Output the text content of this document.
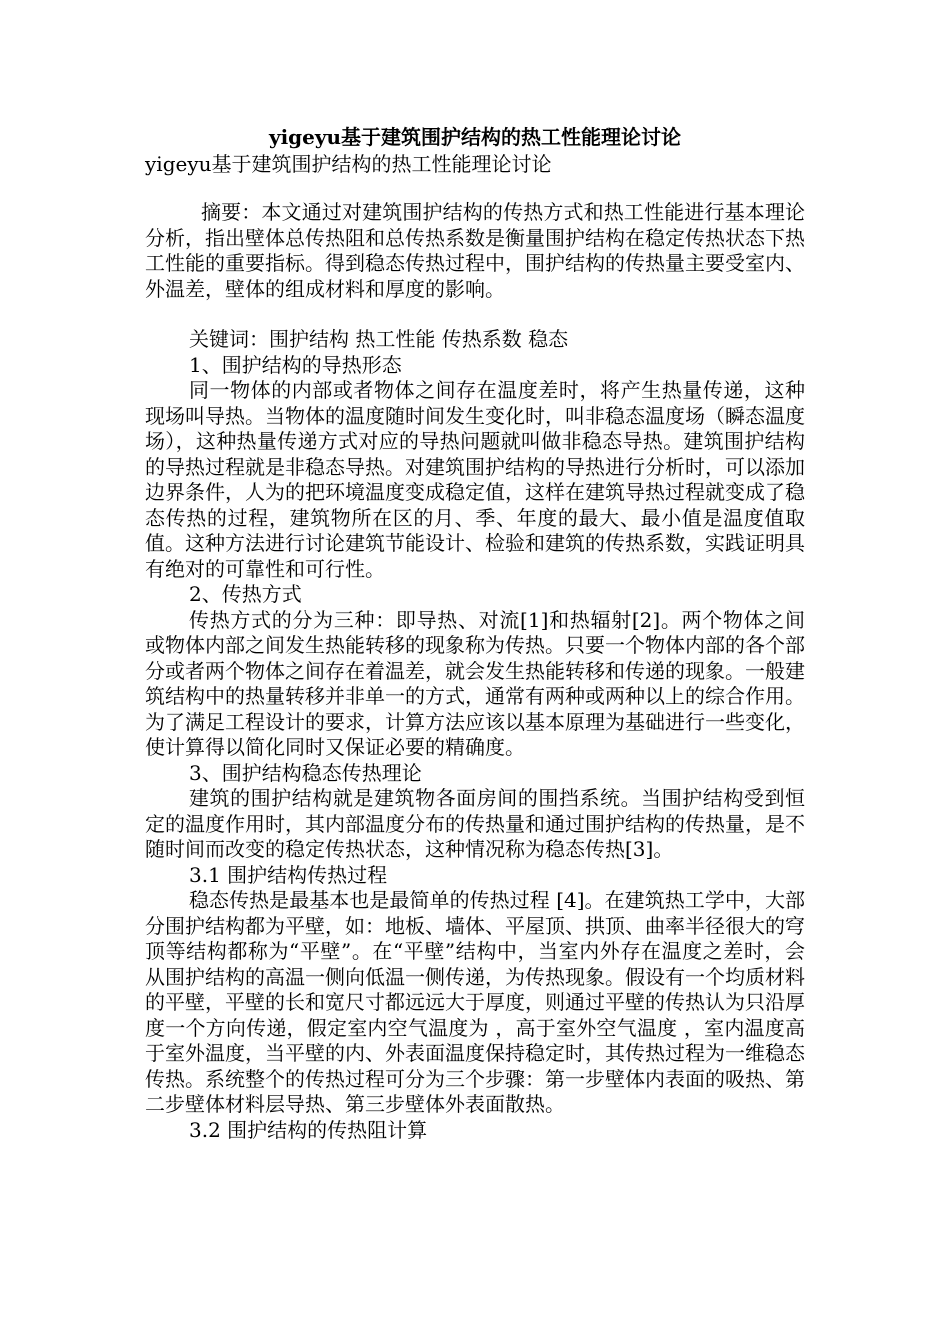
yigeyu基于建筑围护结构的热工性能理论讨论
yigeyu基于建筑围护结构的热工性能理论讨论

摘要：本文通过对建筑围护结构的传热方式和热工性能进行基本理论分析，指出壁体总传热阻和总传热系数是衡量围护结构在稳定传热状态下热工性能的重要指标。得到稳态传热过程中，围护结构的传热量主要受室内、外温差，壁体的组成材料和厚度的影响。

关键词：围护结构 热工性能 传热系数 稳态

1、围护结构的导热形态

同一物体的内部或者物体之间存在温度差时，将产生热量传递，这种现场叫导热。当物体的温度随时间发生变化时，叫非稳态温度场（瞬态温度场），这种热量传递方式对应的导热问题就叫做非稳态导热。建筑围护结构的导热过程就是非稳态导热。对建筑围护结构的导热进行分析时，可以添加边界条件，人为的把环境温度变成稳定值，这样在建筑导热过程就变成了稳态传热的过程，建筑物所在区的月、季、年度的最大、最小值是温度值取值。这种方法进行讨论建筑节能设计、检验和建筑的传热系数，实践证明具有绝对的可靠性和可行性。

2、传热方式

传热方式的分为三种：即导热、对流[1]和热辐射[2]。两个物体之间或物体内部之间发生热能转移的现象称为传热。只要一个物体内部的各个部分或者两个物体之间存在着温差，就会发生热能转移和传递的现象。一般建筑结构中的热量转移并非单一的方式，通常有两种或两种以上的综合作用。为了满足工程设计的要求，计算方法应该以基本原理为基础进行一些变化，使计算得以简化同时又保证必要的精确度。

3、围护结构稳态传热理论

建筑的围护结构就是建筑物各面房间的围挡系统。当围护结构受到恒定的温度作用时，其内部温度分布的传热量和通过围护结构的传热量，是不随时间而改变的稳定传热状态，这种情况称为稳态传热[3]。

3.1 围护结构传热过程

稳态传热是最基本也是最简单的传热过程 [4]。在建筑热工学中，大部分围护结构都为平壁，如：地板、墙体、平屋顶、拱顶、曲率半径很大的穹顶等结构都称为“平壁”。在“平壁”结构中，当室内外存在温度之差时，会从围护结构的高温一侧向低温一侧传递，为传热现象。假设有一个均质材料的平壁，平壁的长和宽尺寸都远远大于厚度，则通过平壁的传热认为只沿厚度一个方向传递，假定室内空气温度为 ，高于室外空气温度 ，室内温度高于室外温度，当平壁的内、外表面温度保持稳定时，其传热过程为一维稳态传热。系统整个的传热过程可分为三个步骤：第一步壁体内表面的吸热、第二步壁体材料层导热、第三步壁体外表面散热。

3.2 围护结构的传热阻计算
